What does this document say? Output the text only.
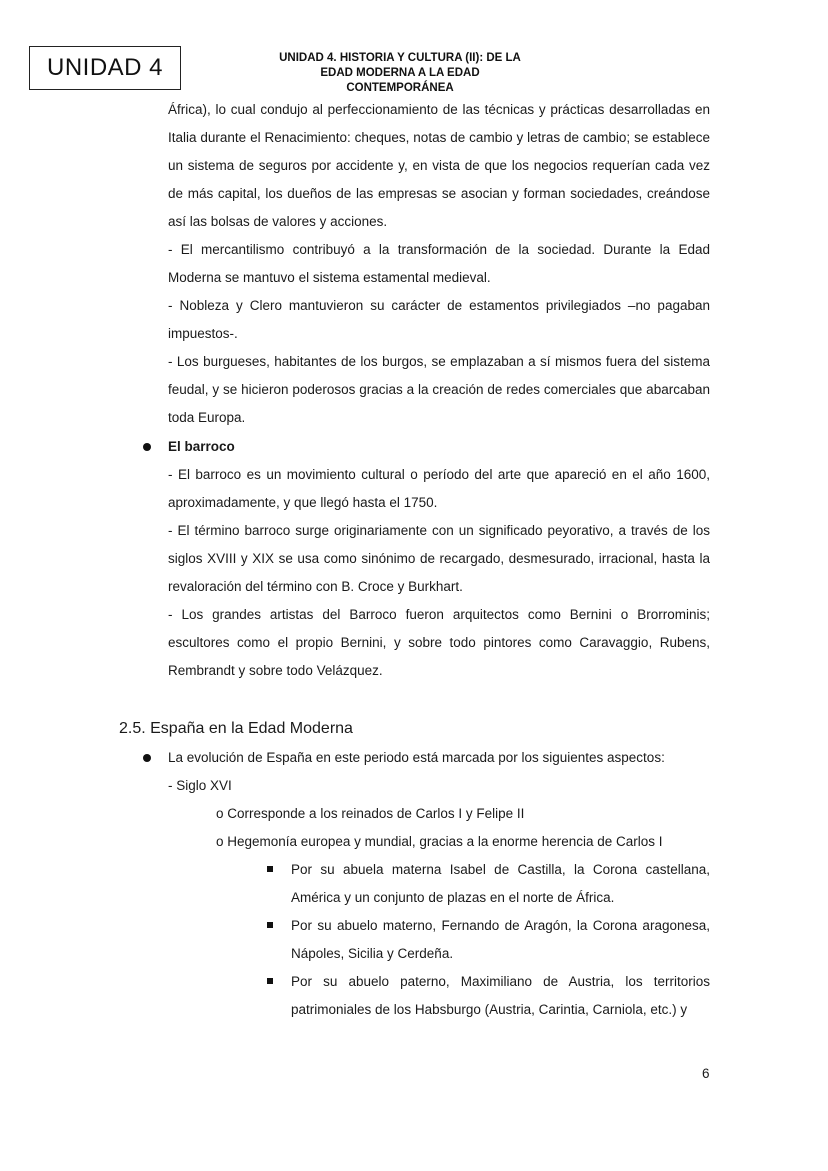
UNIDAD 4	UNIDAD 4. HISTORIA Y CULTURA (II): DE LA
EDAD MODERNA A LA EDAD
CONTEMPORÁNEA
África), lo cual condujo al perfeccionamiento de las técnicas y prácticas desarrolladas en Italia durante el Renacimiento: cheques, notas de cambio y letras de cambio; se establece un sistema de seguros por accidente y, en vista de que los negocios requerían cada vez de más capital, los dueños de las empresas se asocian y forman sociedades, creándose así las bolsas de valores y acciones.
- El mercantilismo contribuyó a la transformación de la sociedad. Durante la Edad Moderna se mantuvo el sistema estamental medieval.
- Nobleza y Clero mantuvieron su carácter de estamentos privilegiados –no pagaban impuestos-.
- Los burgueses, habitantes de los burgos, se emplazaban a sí mismos fuera del sistema feudal, y se hicieron poderosos gracias a la creación de redes comerciales que abarcaban toda Europa.
El barroco
- El barroco es un movimiento cultural o período del arte que apareció en el año 1600, aproximadamente, y que llegó hasta el 1750.
- El término barroco surge originariamente con un significado peyorativo, a través de los siglos XVIII y XIX se usa como sinónimo de recargado, desmesurado, irracional, hasta la revaloración del término con B. Croce y Burkhart.
- Los grandes artistas del Barroco fueron arquitectos como Bernini o Brorrominis; escultores como el propio Bernini, y sobre todo pintores como Caravaggio, Rubens, Rembrandt y sobre todo Velázquez.
2.5. España en la Edad Moderna
La evolución de España en este periodo está marcada por los siguientes aspectos:
- Siglo XVI
o Corresponde a los reinados de Carlos I y Felipe II
o Hegemonía europea y mundial, gracias a la enorme herencia de Carlos I
Por su abuela materna Isabel de Castilla, la Corona castellana, América y un conjunto de plazas en el norte de África.
Por su abuelo materno, Fernando de Aragón, la Corona aragonesa, Nápoles, Sicilia y Cerdeña.
Por su abuelo paterno, Maximiliano de Austria, los territorios patrimoniales de los Habsburgo (Austria, Carintia, Carniola, etc.) y
6
